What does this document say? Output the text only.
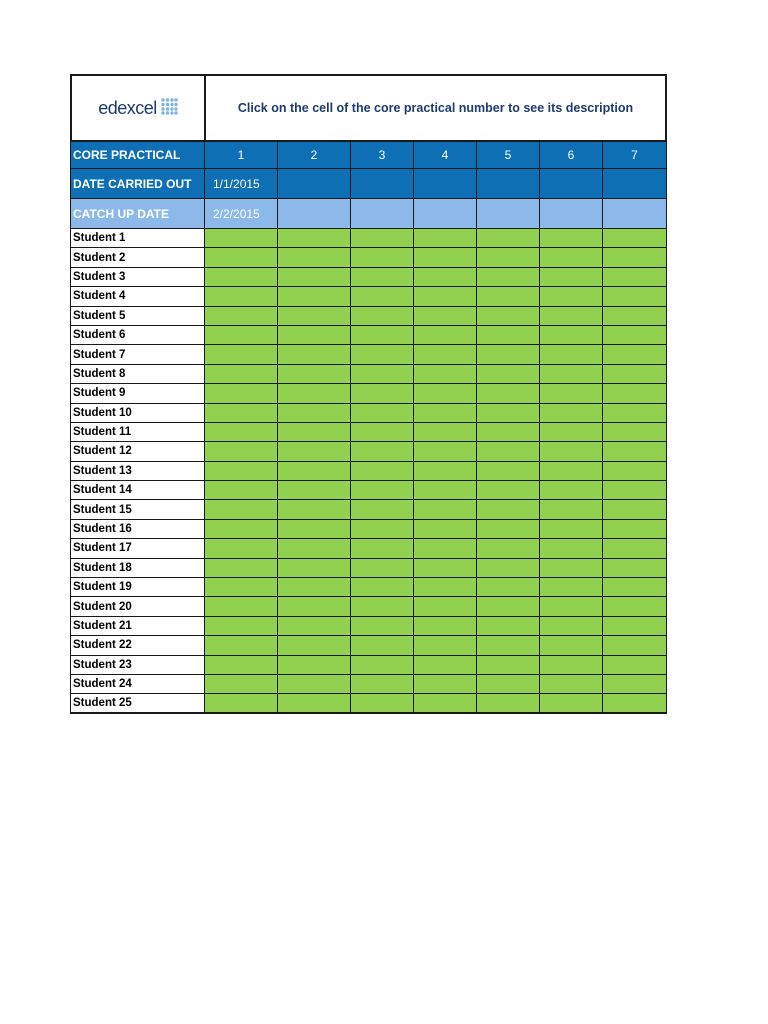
edexcel	Click on the cell of the core practical number to see its description
CORE PRACTICAL	1	2	3	4	5	6	7
DATE CARRIED OUT	1/1/2015
CATCH UP DATE	2/2/2015
Student 1
Student 2
Student 3
Student 4
Student 5
Student 6
Student 7
Student 8
Student 9
Student 10
Student 11
Student 12
Student 13
Student 14
Student 15
Student 16
Student 17
Student 18
Student 19
Student 20
Student 21
Student 22
Student 23
Student 24
Student 25
